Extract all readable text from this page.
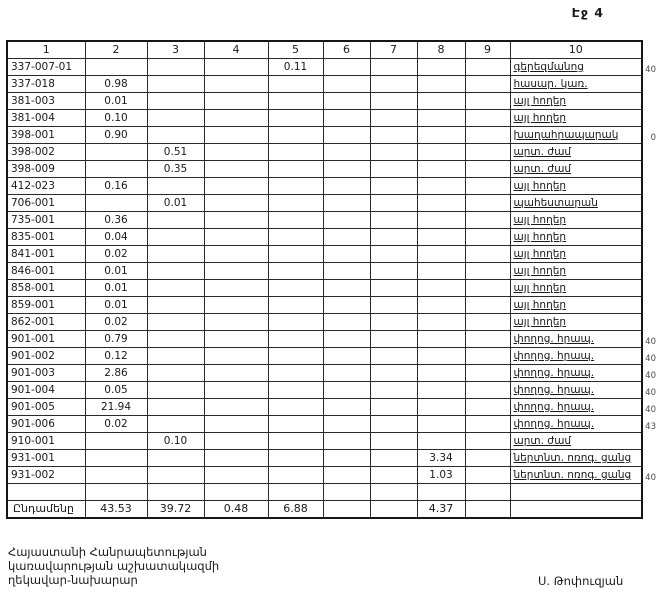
Էջ 4
1	2	3	4	5	6	7	8	9	10
337-007-01				0.11					գերեզմանոց 40

337-018	0.98								հասար. կառ.
381-003	0.01								այլ հողեր
381-004	0.10								այլ հողեր
398-001	0.90								խաղահրապարակ 0

398-002		0.51							արտ. ժամ
398-009		0.35							արտ. ժամ
412-023	0.16								այլ հողեր
706-001		0.01							պահեստարան
735-001	0.36								այլ հողեր
835-001	0.04								այլ հողեր
841-001	0.02								այլ հողեր
846-001	0.01								այլ հողեր
858-001	0.01								այլ հողեր
859-001	0.01								այլ հողեր
862-001	0.02								այլ հողեր
901-001	0.79								փողոց. հրապ. 40

901-002	0.12								փողոց. հրապ. 40

901-003	2.86								փողոց. հրապ. 40

901-004	0.05								փողոց. հրապ. 40

901-005	21.94								փողոց. հրապ. 40

901-006	0.02								փողոց. հրապ. 43

910-001		0.10							արտ. ժամ
931-001							3.34		ներտնտ. ոռոգ. ցանց
931-002							1.03		ներտնտ. ոռոգ. ցանց 40

Ընդամենը	43.53	39.72	0.48	6.88			4.37		
Հայաստանի Հանրապետության
կառավարության աշխատակազմի
ղեկավար-նախարար	Ս. Թոփուզյան
